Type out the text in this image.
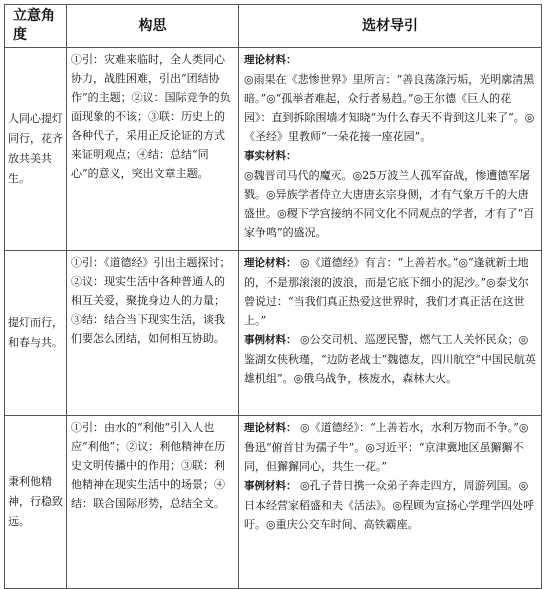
立意角度	构思	选材导引
人同心提灯同行，花齐放共美共生。	①引：灾难来临时，全人类同心协力，战胜困难，引出“团结协作”的主题；②议：国际竞争的负面现象的不该；③联：历史上的各种代子，采用正反论证的方式来证明观点；④结：总结“同心”的意义，突出文章主题。	理论材料：
◎雨果在《悲惨世界》里所言：“善良荡涤污垢，光明廓清黑暗。”◎“孤举者难起，众行者易趋。”◎王尔德《巨人的花园》：直到拆除围墙才知晓“为什么春天不肯到这儿来了”。◎《圣经》里教师“一朵花接一座花园”。
事实材料：
◎魏晋司马代的魔灭。◎25万波兰人孤军奋战，惨遭德军屠戮。◎异族学者侍立大唐唐玄宗身侧，才有气象万千的大唐盛世。◎稷下学宫接纳不同文化不同观点的学者，才有了“百家争鸣”的盛况。
提灯而行，和春与共。	①引：《道德经》引出主题探讨；②议：现实生活中各种普通人的相互关爱，聚拢身边人的力量；③结：结合当下现实生活，谈我们要怎么团结，如何相互协助。	理论材料： ◎《道德经》有言：“上善若水。”◎“逢就新土地的，不是那滚滚的波浪，而是它底下细小的泥沙。”◎泰戈尔曾说过：“当我们真正热爱这世界时，我们才真正活在这世上。”
事例材料： ◎公交司机、巡逻民警，燃气工人关怀民众；◎鉴湖女侠秋瑾，“边防老战士”魏德友，四川航空“中国民航英雄机组”。◎俄乌战争，核废水，森林大火。
秉利他精神，行稳致远。	①引：由水的“利他”引入人也应“利他”；②议：利他精神在历史文明传播中的作用；③联：利他精神在现实生活中的场景；④结：联合国际形势，总结全文。	理论材料： ◎《道德经》：“上善若水，水利万物而不争。”◎鲁迅“俯首甘为孺子牛”。◎习近平：“京津冀地区虽獬獬不同，但獬獬同心，共生一花。”
事例材料： ◎孔子昔日携一众弟子奔走四方，周游列国。◎日本经营家稻盛和夫《活法》。◎程顾为宣扬心学理学四处呼吁。◎重庆公交车时间、高铁霸座。
